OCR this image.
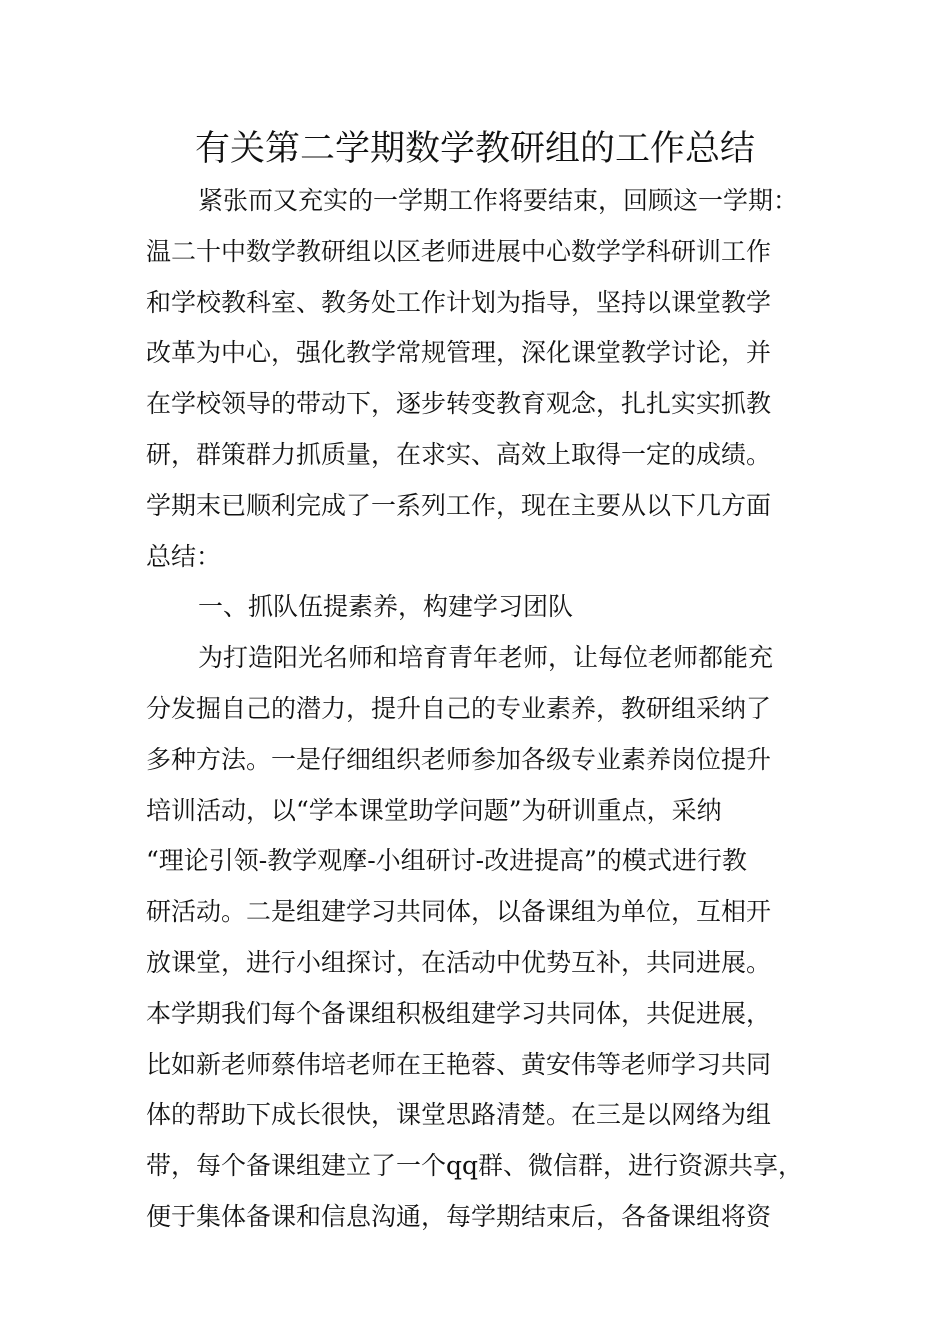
有关第二学期数学教研组的工作总结
紧张而又充实的一学期工作将要结束，回顾这一学期：
温二十中数学教研组以区老师进展中心数学学科研训工作
和学校教科室、教务处工作计划为指导，坚持以课堂教学
改革为中心，强化教学常规管理，深化课堂教学讨论，并
在学校领导的带动下，逐步转变教育观念，扎扎实实抓教
研，群策群力抓质量，在求实、高效上取得一定的成绩。
学期末已顺利完成了一系列工作，现在主要从以下几方面
总结：
一、抓队伍提素养，构建学习团队
为打造阳光名师和培育青年老师，让每位老师都能充
分发掘自己的潜力，提升自己的专业素养，教研组采纳了
多种方法。一是仔细组织老师参加各级专业素养岗位提升
培训活动，以“学本课堂助学问题”为研训重点，采纳
“理论引领-教学观摩-小组研讨-改进提高”的模式进行教
研活动。二是组建学习共同体，以备课组为单位，互相开
放课堂，进行小组探讨，在活动中优势互补，共同进展。
本学期我们每个备课组积极组建学习共同体，共促进展，
比如新老师蔡伟培老师在王艳蓉、黄安伟等老师学习共同
体的帮助下成长很快，课堂思路清楚。在三是以网络为组
带，每个备课组建立了一个qq群、微信群，进行资源共享，
便于集体备课和信息沟通，每学期结束后，各备课组将资
